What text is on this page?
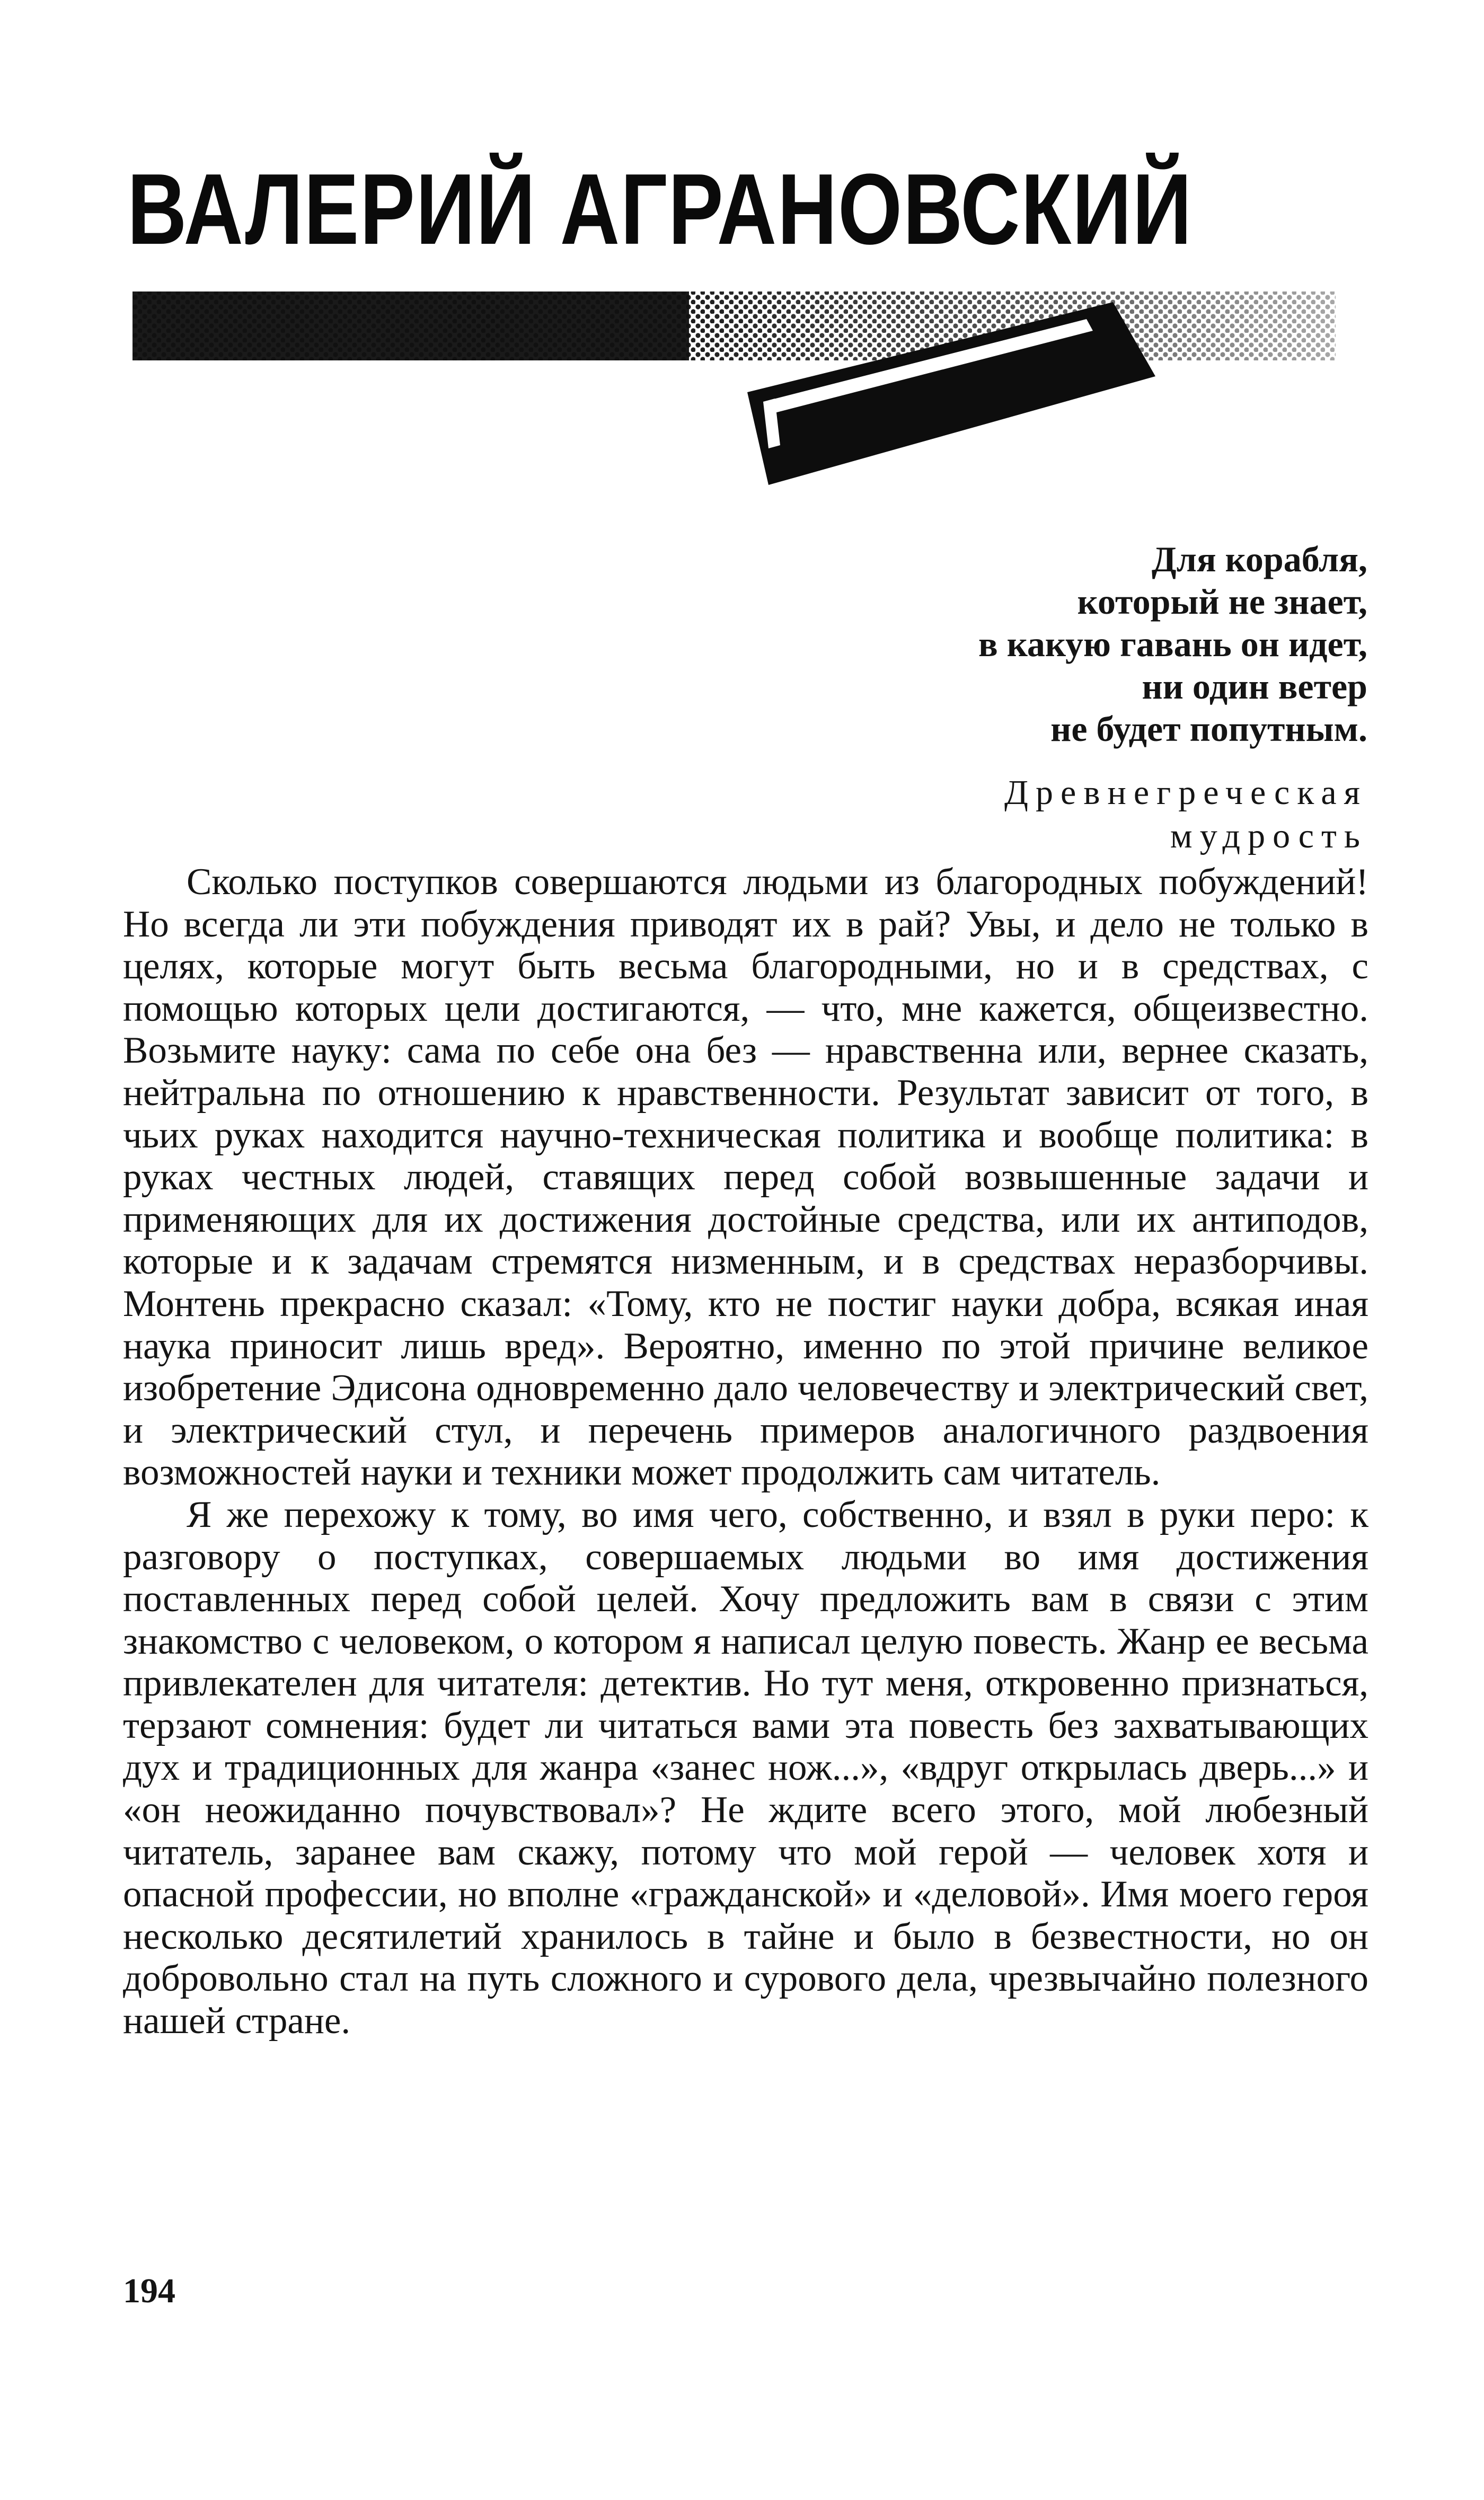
ВАЛЕРИЙ АГРАНОВСКИЙ
Для корабля,
который не знает,
в какую гавань он идет,
ни один ветер
не будет попутным.
Древнегреческая
мудрость

Сколько поступков совершаются людьми из благородных побуждений! Но всегда ли эти побуждения приводят их в рай? Увы, и дело не только в целях, которые могут быть весьма благородными, но и в средствах, с помощью которых цели достигаются, — что, мне кажется, общеизвестно. Возьмите науку: сама по себе она без — нравственна или, вернее сказать, нейтральна по отношению к нравственности. Результат зависит от того, в чьих руках находится научно-техническая политика и вообще политика: в руках честных людей, ставящих перед собой возвышенные задачи и применяющих для их достижения достойные средства, или их антиподов, которые и к задачам стремятся низменным, и в средствах неразборчивы. Монтень прекрасно сказал: «Тому, кто не постиг науки добра, всякая иная наука приносит лишь вред». Вероятно, именно по этой причине великое изобретение Эдисона одновременно дало человечеству и электрический свет, и электрический стул, и перечень примеров аналогичного раздвоения возможностей науки и техники может продолжить сам читатель.

Я же перехожу к тому, во имя чего, собственно, и взял в руки перо: к разговору о поступках, совершаемых людьми во имя достижения поставленных перед собой целей. Хочу предложить вам в связи с этим знакомство с человеком, о котором я написал целую повесть. Жанр ее весьма привлекателен для читателя: детектив. Но тут меня, откровенно признаться, терзают сомнения: будет ли читаться вами эта повесть без захватывающих дух и традиционных для жанра «занес нож...», «вдруг открылась дверь...» и «он неожиданно почувствовал»? Не ждите всего этого, мой любезный читатель, заранее вам скажу, потому что мой герой — человек хотя и опасной профессии, но вполне «гражданской» и «деловой». Имя моего героя несколько десятилетий хранилось в тайне и было в безвестности, но он добровольно стал на путь сложного и сурового дела, чрезвычайно полезного нашей стране.

194
